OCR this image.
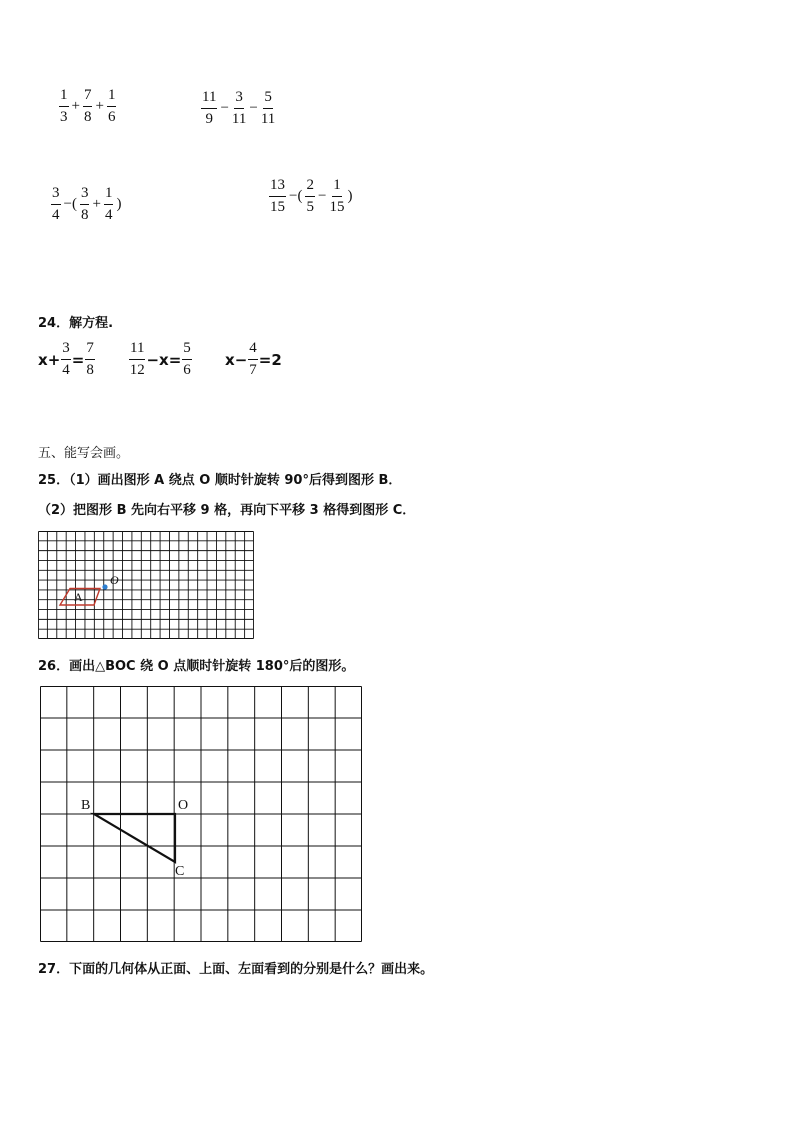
$\frac{1}{3} + \frac{7}{8} + \frac{1}{6}$	$\frac{11}{9} - \frac{3}{11} - \frac{5}{11}$
$\frac{3}{4}$ −( $\frac{3}{8} + \frac{1}{4}$ )	$\frac{13}{15}$ −( $\frac{2}{5} - \frac{1}{15}$ )
24．解方程.
$x + \frac{3}{4} = \frac{7}{8} \frac{11}{12} -x = \frac{5}{6}$ $x - \frac{4}{7} =2$
五、能写会画。
25．（1）画出图形 A 绕点 O 顺时针旋转 90°后得到图形 B．
（2）把图形 B 先向右平移 9 格，再向下平移 3 格得到图形 C．
A
O
26．画出△BOC 绕 O 点顺时针旋转 180°后的图形。
B	O
C
27．下面的几何体从正面、上面、左面看到的分别是什么？画出来。
